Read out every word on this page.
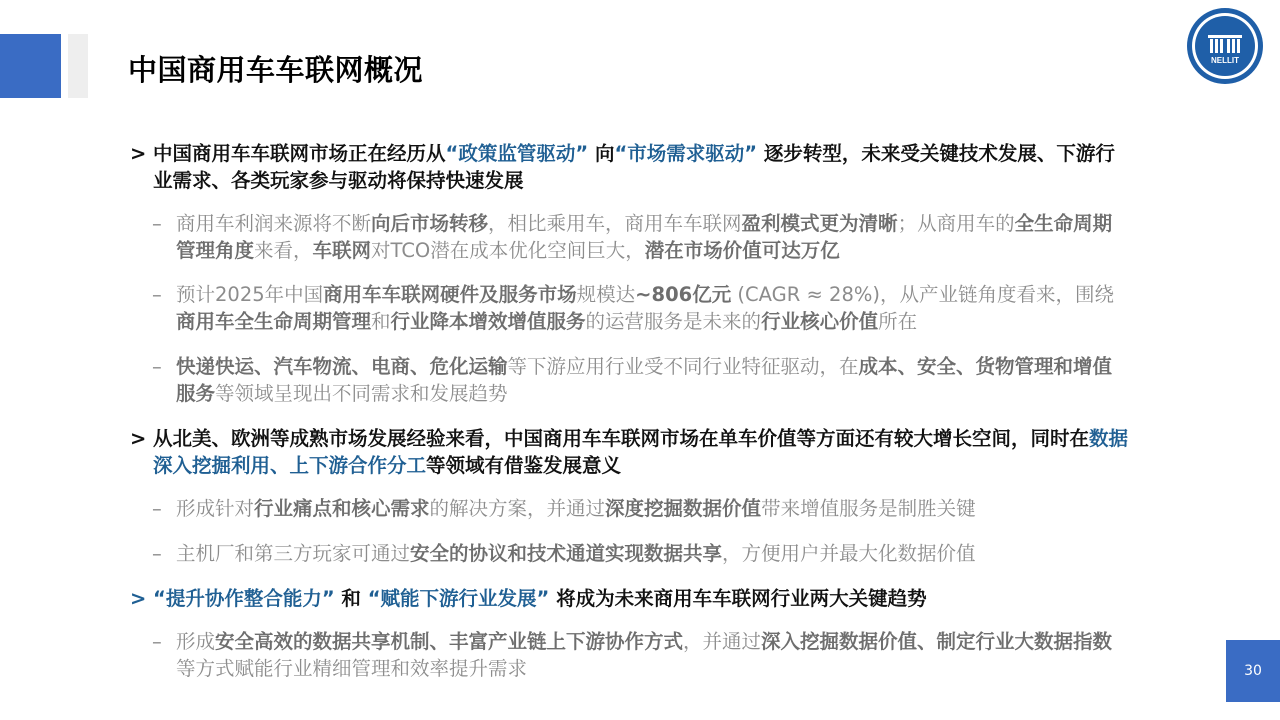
中国商用车车联网概况	NELLIT
> 中国商用车车联网市场正在经历从“政策监管驱动” 向“市场需求驱动” 逐步转型，未来受关键技术发展、下游行业需求、各类玩家参与驱动将保持快速发展
– 商用车利润来源将不断向后市场转移，相比乘用车，商用车车联网盈利模式更为清晰；从商用车的全生命周期管理角度来看，车联网对TCO潜在成本优化空间巨大，潜在市场价值可达万亿
– 预计2025年中国商用车车联网硬件及服务市场规模达~806亿元 (CAGR ≈ 28%)，从产业链角度看来，围绕商用车全生命周期管理和行业降本增效增值服务的运营服务是未来的行业核心价值所在
– 快递快运、汽车物流、电商、危化运输等下游应用行业受不同行业特征驱动，在成本、安全、货物管理和增值服务等领域呈现出不同需求和发展趋势
> 从北美、欧洲等成熟市场发展经验来看，中国商用车车联网市场在单车价值等方面还有较大增长空间，同时在数据深入挖掘利用、上下游合作分工等领域有借鉴发展意义
– 形成针对行业痛点和核心需求的解决方案，并通过深度挖掘数据价值带来增值服务是制胜关键
– 主机厂和第三方玩家可通过安全的协议和技术通道实现数据共享，方便用户并最大化数据价值
> “提升协作整合能力” 和 “赋能下游行业发展” 将成为未来商用车车联网行业两大关键趋势
– 形成安全高效的数据共享机制、丰富产业链上下游协作方式，并通过深入挖掘数据价值、制定行业大数据指数等方式赋能行业精细管理和效率提升需求	30
